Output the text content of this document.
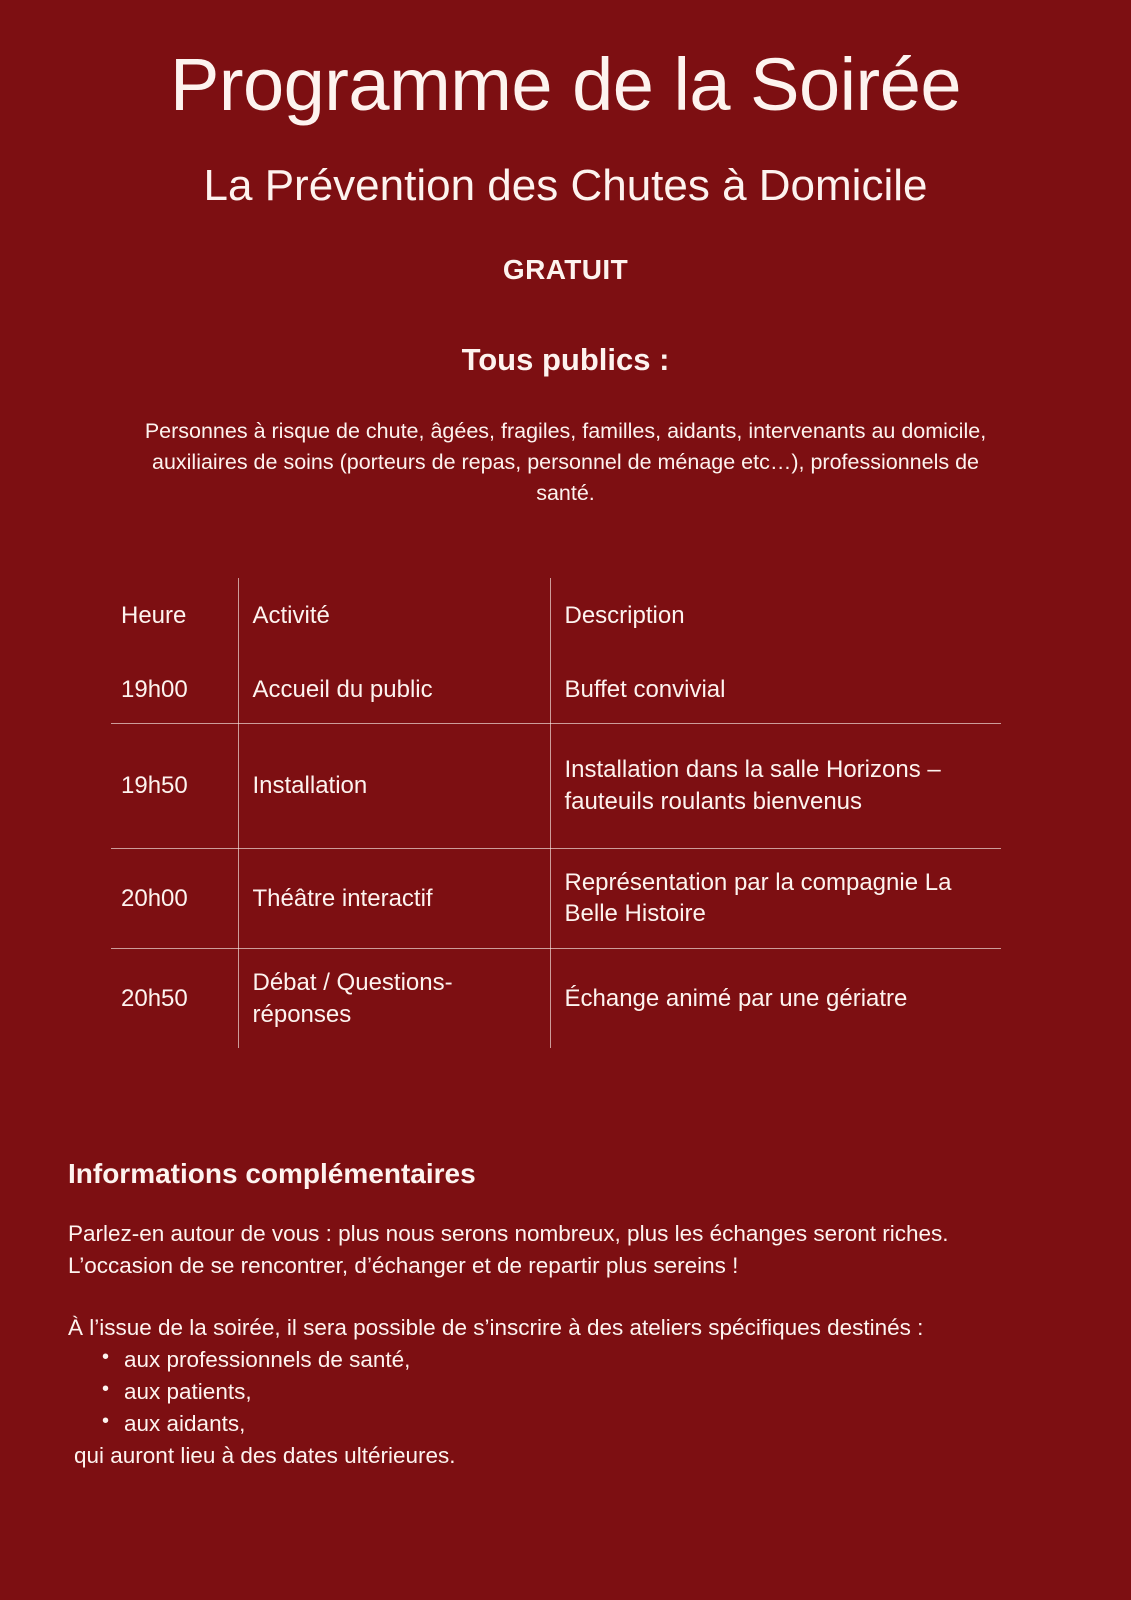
Programme de la Soirée
La Prévention des Chutes à Domicile
GRATUIT
Tous publics :

Personnes à risque de chute, âgées, fragiles, familles, aidants, intervenants au domicile, auxiliaires de soins (porteurs de repas, personnel de ménage etc…), professionnels de santé.

Heure	Activité	Description
19h00	Accueil du public	Buffet convivial
19h50	Installation	Installation dans la salle Horizons – fauteuils roulants bienvenus
20h00	Théâtre interactif	Représentation par la compagnie La Belle Histoire
20h50	Débat / Questions-réponses	Échange animé par une gériatre
Informations complémentaires

Parlez-en autour de vous : plus nous serons nombreux, plus les échanges seront riches. L’occasion de se rencontrer, d’échanger et de repartir plus sereins !

À l’issue de la soirée, il sera possible de s’inscrire à des ateliers spécifiques destinés :

• aux professionnels de santé,
• aux patients,
• aux aidants,
qui auront lieu à des dates ultérieures.
